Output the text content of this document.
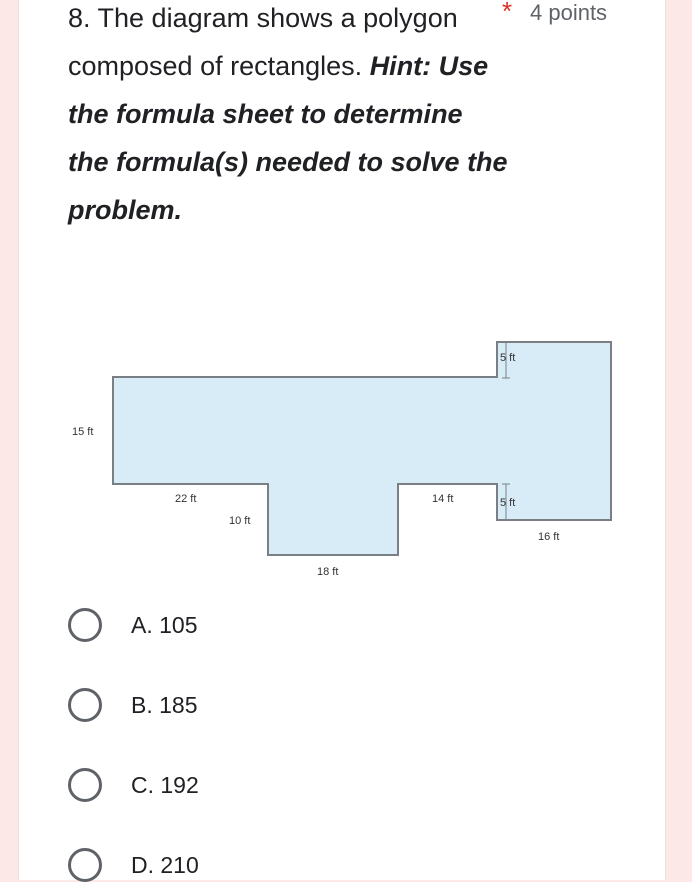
8. The diagram shows a polygon composed of rectangles. Hint: Use the formula sheet to determine the formula(s) needed to solve the problem.
* 4 points
5 ft
15 ft
22 ft
10 ft
14 ft	5 ft
16 ft
18 ft
A. 105
B. 185
C. 192
D. 210
